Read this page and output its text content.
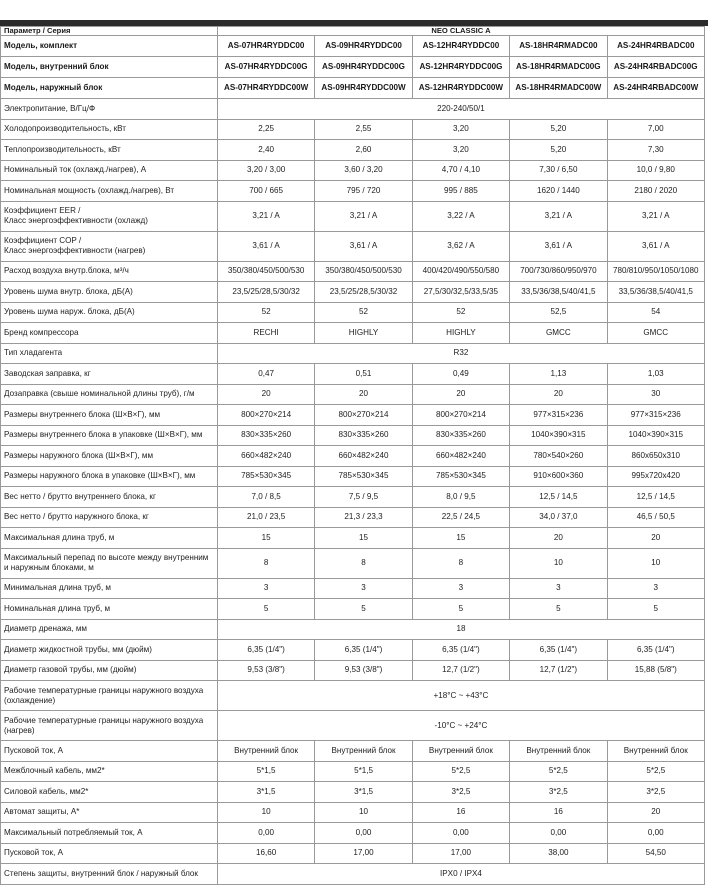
Параметр / Серия	NEO CLASSIC A				
Модель, комплект	AS-07HR4RYDDC00	AS-09HR4RYDDC00	AS-12HR4RYDDC00	AS-18HR4RMADC00	AS-24HR4RBADC00
Модель, внутренний блок	AS-07HR4RYDDC00G	AS-09HR4RYDDC00G	AS-12HR4RYDDC00G	AS-18HR4RMADC00G	AS-24HR4RBADC00G
Модель, наружный блок	AS-07HR4RYDDC00W	AS-09HR4RYDDC00W	AS-12HR4RYDDC00W	AS-18HR4RMADC00W	AS-24HR4RBADC00W
Электропитание, В/Гц/Ф	220-240/50/1				
Холодопроизводительность, кВт	2,25	2,55	3,20	5,20	7,00
Теплопроизводительность, кВт	2,40	2,60	3,20	5,20	7,30
Номинальный ток (охлажд./нагрев), А	3,20 / 3,00	3,60 / 3,20	4,70 / 4,10	7,30 / 6,50	10,0 / 9,80
Номинальная мощность (охлажд./нагрев), Вт	700 / 665	795 / 720	995 / 885	1620 / 1440	2180 / 2020
Коэффициент EER /
Класс энергоэффективности (охлажд)	3,21 / A	3,21 / A	3,22 / A	3,21 / A	3,21 / A
Коэффициент COP /
Класс энергоэффективности (нагрев)	3,61 / A	3,61 / A	3,62 / A	3,61 / A	3,61 / A
Расход воздуха внутр.блока, м³/ч	350/380/450/500/530	350/380/450/500/530	400/420/490/550/580	700/730/860/950/970	780/810/950/1050/1080
Уровень шума внутр. блока, дБ(А)	23,5/25/28,5/30/32	23,5/25/28,5/30/32	27,5/30/32,5/33,5/35	33,5/36/38,5/40/41,5	33,5/36/38,5/40/41,5
Уровень шума наруж. блока, дБ(А)	52	52	52	52,5	54
Бренд компрессора	RECHI	HIGHLY	HIGHLY	GMCC	GMCC
Тип хладагента	R32				
Заводская заправка, кг	0,47	0,51	0,49	1,13	1,03
Дозаправка (свыше номинальной длины труб), г/м	20	20	20	20	30
Размеры внутреннего блока (Ш×В×Г), мм	800×270×214	800×270×214	800×270×214	977×315×236	977×315×236
Размеры внутреннего блока в упаковке (Ш×В×Г), мм	830×335×260	830×335×260	830×335×260	1040×390×315	1040×390×315
Размеры наружного блока (Ш×В×Г), мм	660×482×240	660×482×240	660×482×240	780×540×260	860x650x310
Размеры наружного блока в упаковке (Ш×В×Г), мм	785×530×345	785×530×345	785×530×345	910×600×360	995x720x420
Вес нетто / брутто внутреннего блока, кг	7,0 / 8,5	7,5 / 9,5	8,0 / 9,5	12,5 / 14,5	12,5 / 14,5
Вес нетто / брутто наружного блока, кг	21,0 / 23,5	21,3 / 23,3	22,5 / 24,5	34,0 / 37,0	46,5 / 50,5
Максимальная длина труб, м	15	15	15	20	20
Максимальный перепад по высоте между внутренним и наружным блоками, м	8	8	8	10	10
Минимальная длина труб, м	3	3	3	3	3
Номинальная длина труб, м	5	5	5	5	5
Диаметр дренажа, мм	18				
Диаметр жидкостной трубы, мм (дюйм)	6,35 (1/4")	6,35 (1/4")	6,35 (1/4")	6,35 (1/4")	6,35 (1/4")
Диаметр газовой трубы, мм (дюйм)	9,53 (3/8")	9,53 (3/8")	12,7 (1/2")	12,7 (1/2")	15,88 (5/8")
Рабочие температурные границы наружного воздуха (охлаждение)	+18°C ~ +43°C				
Рабочие температурные границы наружного воздуха (нагрев)	-10°C ~ +24°C				
Пусковой ток, А	Внутренний блок	Внутренний блок	Внутренний блок	Внутренний блок	Внутренний блок
Межблочный кабель, мм2*	5*1,5	5*1,5	5*2,5	5*2,5	5*2,5
Силовой кабель, мм2*	3*1,5	3*1,5	3*2,5	3*2,5	3*2,5
Автомат защиты, А*	10	10	16	16	20
Максимальный потребляемый ток, А	0,00	0,00	0,00	0,00	0,00
Пусковой ток, А	16,60	17,00	17,00	38,00	54,50
Степень защиты, внутренний блок / наружный блок	IPX0 / IPX4				
